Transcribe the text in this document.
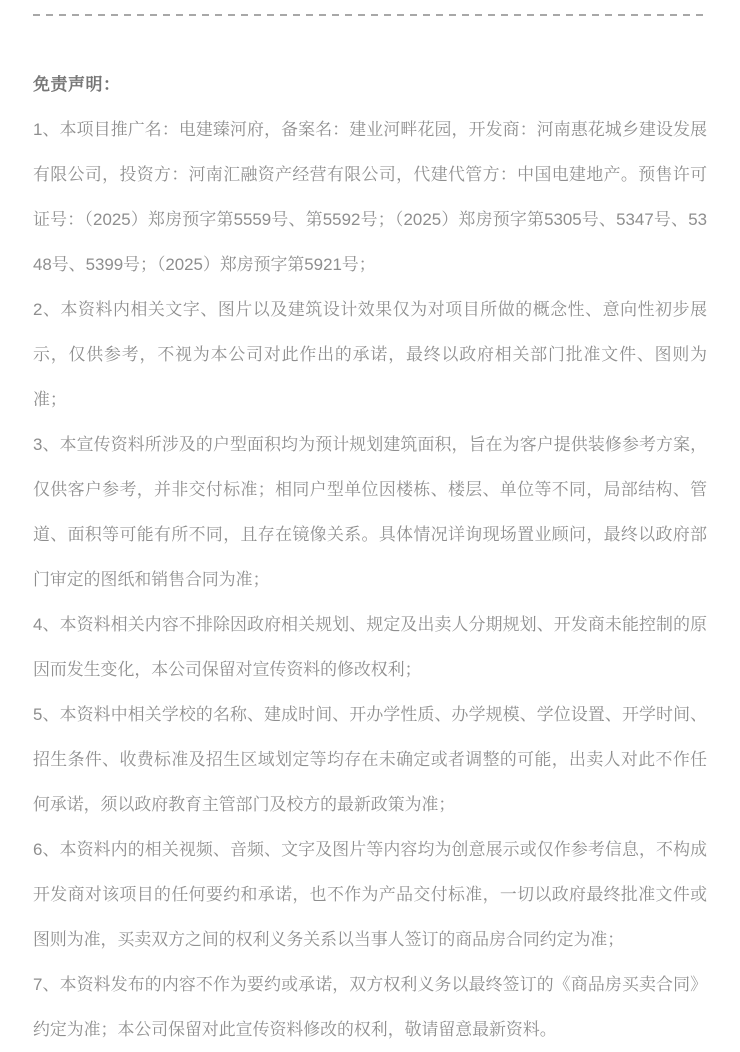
免责声明：

1、本项目推广名：电建臻河府，备案名：建业河畔花园，开发商：河南惠花城乡建设发展有限公司，投资方：河南汇融资产经营有限公司，代建代管方：中国电建地产。预售许可证号：（2025）郑房预字第5559号、第5592号；（2025）郑房预字第5305号、5347号、5348号、5399号；（2025）郑房预字第5921号；

2、本资料内相关文字、图片以及建筑设计效果仅为对项目所做的概念性、意向性初步展示，仅供参考，不视为本公司对此作出的承诺，最终以政府相关部门批准文件、图则为准；

3、本宣传资料所涉及的户型面积均为预计规划建筑面积，旨在为客户提供装修参考方案，仅供客户参考，并非交付标准；相同户型单位因楼栋、楼层、单位等不同，局部结构、管道、面积等可能有所不同，且存在镜像关系。具体情况详询现场置业顾问，最终以政府部门审定的图纸和销售合同为准；

4、本资料相关内容不排除因政府相关规划、规定及出卖人分期规划、开发商未能控制的原因而发生变化，本公司保留对宣传资料的修改权利；

5、本资料中相关学校的名称、建成时间、开办学性质、办学规模、学位设置、开学时间、招生条件、收费标准及招生区域划定等均存在未确定或者调整的可能，出卖人对此不作任何承诺，须以政府教育主管部门及校方的最新政策为准；

6、本资料内的相关视频、音频、文字及图片等内容均为创意展示或仅作参考信息，不构成开发商对该项目的任何要约和承诺，也不作为产品交付标准，一切以政府最终批准文件或图则为准，买卖双方之间的权利义务关系以当事人签订的商品房合同约定为准；

7、本资料发布的内容不作为要约或承诺，双方权利义务以最终签订的《商品房买卖合同》约定为准；本公司保留对此宣传资料修改的权利，敬请留意最新资料。
